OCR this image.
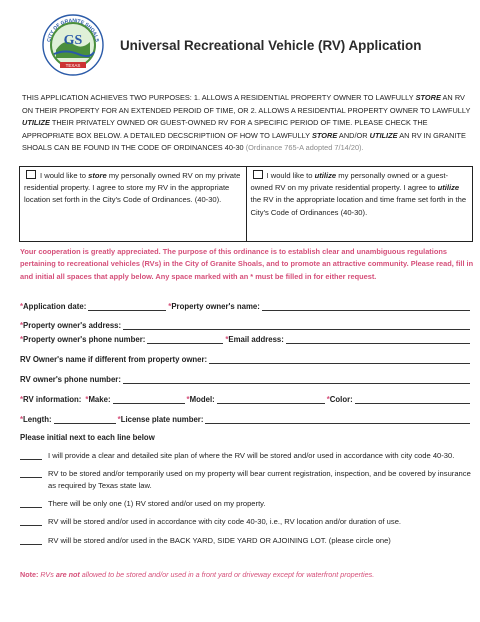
GS
TEXAS
CITY OF GRANITE SHOALS Universal Recreational Vehicle (RV) Application
THIS APPLICATION ACHIEVES TWO PURPOSES: 1. ALLOWS A RESIDENTIAL PROPERTY OWNER TO LAWFULLY STORE AN RV ON THEIR PROPERTY FOR AN EXTENDED PEROID OF TIME, OR 2. ALLOWS A RESIDENTIAL PROPERTY OWNER TO LAWFULLY UTILIZE THEIR PRIVATELY OWNED OR GUEST-OWNED RV FOR A SPECIFIC PERIOD OF TIME. PLEASE CHECK THE APPROPRIATE BOX BELOW. A DETAILED DECSCRIPTIION OF HOW TO LAWFULLY STORE AND/OR UTILIZE AN RV IN GRANITE SHOALS CAN BE FOUND IN THE CODE OF ORDINANCES 40-30 (Ordinance 765-A adopted 7/14/20).
I would like to store my personally owned RV on my private residential property. I agree to store my RV in the appropriate location set forth in the City's Code of Ordinances. (40-30).
I would like to utilize my personally owned or a guest-owned RV on my private residential property. I agree to utilize the RV in the appropriate location and time frame set forth in the City's Code of Ordinances (40-30).
Your cooperation is greatly appreciated. The purpose of this ordinance is to establish clear and unambiguous regulations pertaining to recreational vehicles (RVs) in the City of Granite Shoals, and to promote an attractive community. Please read, fill in and initial all spaces that apply below. Any space marked with an * must be filled in for either request.
*Application date:	*Property owner's name:
*Property owner's address:
*Property owner's phone number:	*Email address:
RV Owner's name if different from property owner:
RV owner's phone number:
*RV information: *Make:	*Model:	*Color:
*Length:	*License plate number:
Please initial next to each line below
I will provide a clear and detailed site plan of where the RV will be stored and/or used in accordance with city code 40-30.
RV to be stored and/or temporarily used on my property will bear current registration, inspection, and be covered by insurance as required by Texas state law.
There will be only one (1) RV stored and/or used on my property.
RV will be stored and/or used in accordance with city code 40-30, i.e., RV location and/or duration of use.
RV will be stored and/or used in the BACK YARD, SIDE YARD OR AJOINING LOT. (please circle one)
Note: RVs are not allowed to be stored and/or used in a front yard or driveway except for waterfront properties.
